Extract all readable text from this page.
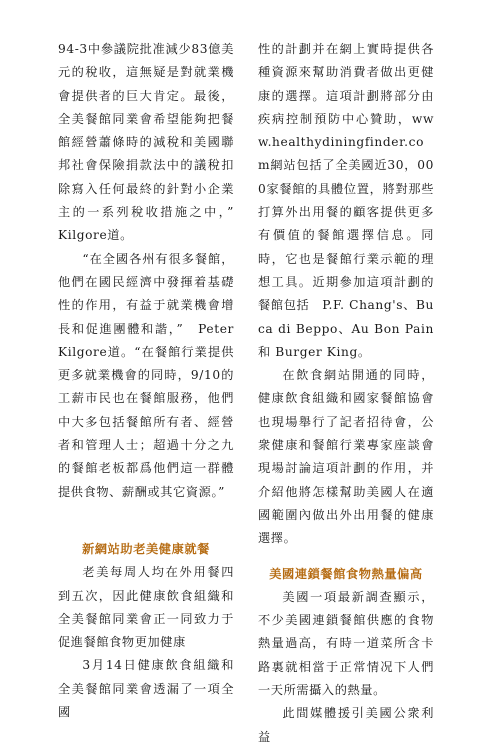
94-3中參議院批准減少83億美元的稅收，這無疑是對就業機會提供者的巨大肯定。最後，全美餐館同業會希望能夠把餐館經營蕭條時的減稅和美國聯邦社會保險捐款法中的議稅扣除寫入任何最終的針對小企業主的一系列稅收措施之中，”　Kilgore道。

“在全國各州有很多餐館，他們在國民經濟中發揮着基礎性的作用，有益于就業機會增長和促進團體和諧，”　Peter　Kilgore道。“在餐館行業提供更多就業機會的同時，9/10的工薪市民也在餐館服務，他們中大多包括餐館所有者、經營者和管理人士；超過十分之九的餐館老板都爲他們這一群體提供食物、薪酬或其它資源。”

新網站助老美健康就餐

老美每周人均在外用餐四到五次，因此健康飲食組織和全美餐館同業會正一同致力于促進餐館食物更加健康

3月14日健康飲食組織和全美餐館同業會透漏了一項全國

性的計劃并在網上實時提供各種資源來幫助消費者做出更健康的選擇。這項計劃將部分由疾病控制預防中心贊助，www.healthydiningfinder.com網站包括了全美國近30，000家餐館的具體位置，將對那些打算外出用餐的顧客提供更多有價值的餐館選擇信息。同時，它也是餐館行業示範的理想工具。近期參加這項計劃的餐館包括　P.F. Chang's、Buca di Beppo、Au Bon Pain和 Burger King。

在飲食網站開通的同時，健康飲食組織和國家餐館協會也現場舉行了記者招待會，公衆健康和餐館行業專家座談會現場討論這項計劃的作用，并介紹他將怎樣幫助美國人在適國範圍內做出外出用餐的健康選擇。

美國連鎖餐館食物熱量偏高

美國一項最新調查顯示，不少美國連鎖餐館供應的食物熱量過高，有時一道菜所含卡路裏就相當于正常情况下人們一天所需攝入的熱量。

此間媒體援引美國公衆利益
